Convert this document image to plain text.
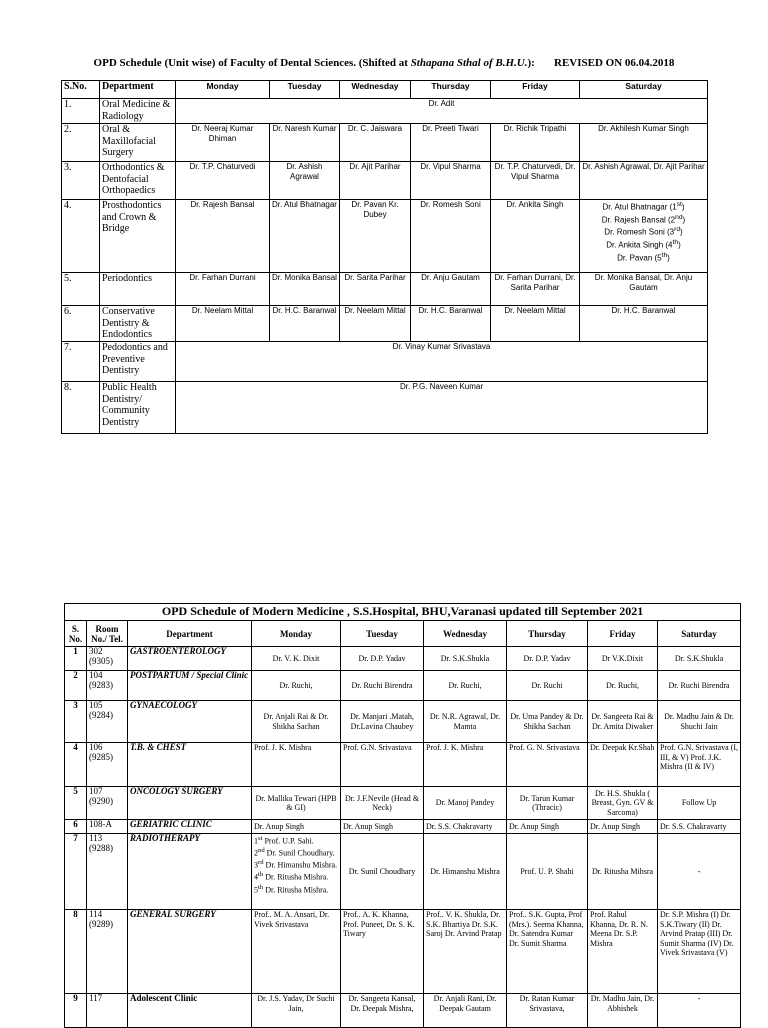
OPD Schedule (Unit wise) of Faculty of Dental Sciences. (Shifted at Sthapana Sthal of B.H.U.): REVISED ON 06.04.2018
S.No.	Department	Monday	Tuesday	Wednesday	Thursday	Friday	Saturday
1.	Oral Medicine & Radiology	Dr. Adit					
2.	Oral & Maxillofacial Surgery	Dr. Neeraj Kumar Dhiman	Dr. Naresh Kumar	Dr. C. Jaiswara	Dr. Preeti Tiwari	Dr. Richik Tripathi	Dr. Akhilesh Kumar Singh
3.	Orthodontics & Dentofacial Orthopaedics	Dr. T.P. Chaturvedi	Dr. Ashish Agrawal	Dr. Ajit Parihar	Dr. Vipul Sharma	Dr. T.P. Chaturvedi, Dr. Vipul Sharma	Dr. Ashish Agrawal, Dr. Ajit Parihar
4.	Prosthodontics and Crown & Bridge	Dr. Rajesh Bansal	Dr. Atul Bhatnagar	Dr. Pavan Kr. Dubey	Dr. Romesh Soni	Dr. Ankita Singh	Dr. Atul Bhatnagar (1st)
Dr. Rajesh Bansal (2nd)
Dr. Romesh Soni (3rd)
Dr. Ankita Singh (4th)
Dr. Pavan (5th)

5.	Periodontics	Dr. Farhan Durrani	Dr. Monika Bansal	Dr. Sarita Parihar	Dr. Anju Gautam	Dr. Farhan Durrani, Dr. Sarita Parihar	Dr. Monika Bansal, Dr. Anju Gautam
6.	Conservative Dentistry & Endodontics	Dr. Neelam Mittal	Dr. H.C. Baranwal	Dr. Neelam Mittal	Dr. H.C. Baranwal	Dr. Neelam Mittal	Dr. H.C. Baranwal
7.	Pedodontics and Preventive Dentistry	Dr. Vinay Kumar Srivastava					
8.	Public Health Dentistry/ Community Dentistry	Dr. P.G. Naveen Kumar					
OPD Schedule of Modern Medicine , S.S.Hospital, BHU,Varanasi updated till September 2021								
S. No.	Room No./ Tel.	Department	Monday	Tuesday	Wednesday	Thursday	Friday	Saturday
1	302 (9305)	GASTROENTEROLOGY	Dr. V. K. Dixit	Dr. D.P. Yadav	Dr. S.K.Shukla	Dr. D.P. Yadav	Dr V.K.Dixit	Dr. S.K.Shukla
2	104 (9283)	POSTPARTUM / Special Clinic	Dr. Ruchi,	Dr. Ruchi Birendra	Dr. Ruchi,	Dr. Ruchi	Dr. Ruchi,	Dr. Ruchi Birendra
3	105 (9284)	GYNAECOLOGY	Dr. Anjali Rai & Dr. Shikha Sachan	Dr. Manjari .Matah, Dr.Lavina Chaubey	Dr. N.R. Agrawal, Dr. Mamta	Dr. Uma Pandey & Dr. Shikha Sachan	Dr. Sangeeta Rai & Dr. Amita Diwaker	Dr. Madhu Jain & Dr. Shuchi Jain
4	106 (9285)	T.B. & CHEST	Prof. J. K. Mishra	Prof. G.N. Srivastava	Prof. J. K. Mishra	Prof. G. N. Srivastava	Dr. Deepak Kr.Shah	Prof. G.N. Srivastava (I, III, & V) Prof. J.K. Mishra (II & IV)
5	107 (9290)	ONCOLOGY SURGERY	Dr. Mallika Tewari (HPB & GI)	Dr. J.F.Nevile (Head & Neck)	Dr. Manoj Pandey	Dr. Tarun Kumar (Thracic)	Dr. H.S. Shukla ( Breast, Gyn. GV & Sarcoma)	Follow Up
6	108-A	GERIATRIC CLINIC	Dr. Anup Singh	Dr. Anup Singh	Dr. S.S. Chakravarty	Dr. Anup Singh	Dr. Anup Singh	Dr. S.S. Chakravarty
7	113 (9288)	RADIOTHERAPY	1st Prof. U.P. Sahi.
2nd Dr. Sunil Choudhary.
3rd Dr. Himanshu Mishra.
4th Dr. Ritusha Mishra.
5th Dr. Ritusha Mishra.	Dr. Sunil Choudhary	Dr. Himanshu Mishra	Prof. U. P. Shahi	Dr. Ritusha Mihsra	-
8	114 (9289)	GENERAL SURGERY	Prof.. M. A. Ansari, Dr. Vivek Srivastava	Prof.. A. K. Khanna, Prof. Puneet, Dr. S. K. Tiwary	Prof.. V. K. Shukla, Dr. S.K. Bhartiya Dr. S.K. Saroj Dr. Arvind Pratap	Prof.. S.K. Gupta, Prof (Mrs.). Seema Khanna, Dr. Satendra Kumar Dr. Sumit Sharma	Prof. Rahul Khanna, Dr. R. N. Meena Dr. S.P. Mishra	Dr. S.P. Mishra (I) Dr. S.K.Tiwary (II) Dr. Arvind Pratap (III) Dr. Sumit Sharma (IV) Dr. Vivek Srivastava (V)
9	117	Adolescent Clinic	Dr. J.S. Yadav, Dr Suchi Jain,	Dr. Sangeeta Kansal, Dr. Deepak Mishra,	Dr. Anjali Rani, Dr. Deepak Gautam	Dr. Ratan Kumar Srivastava,	Dr. Madhu Jain, Dr. Abhishek	-
